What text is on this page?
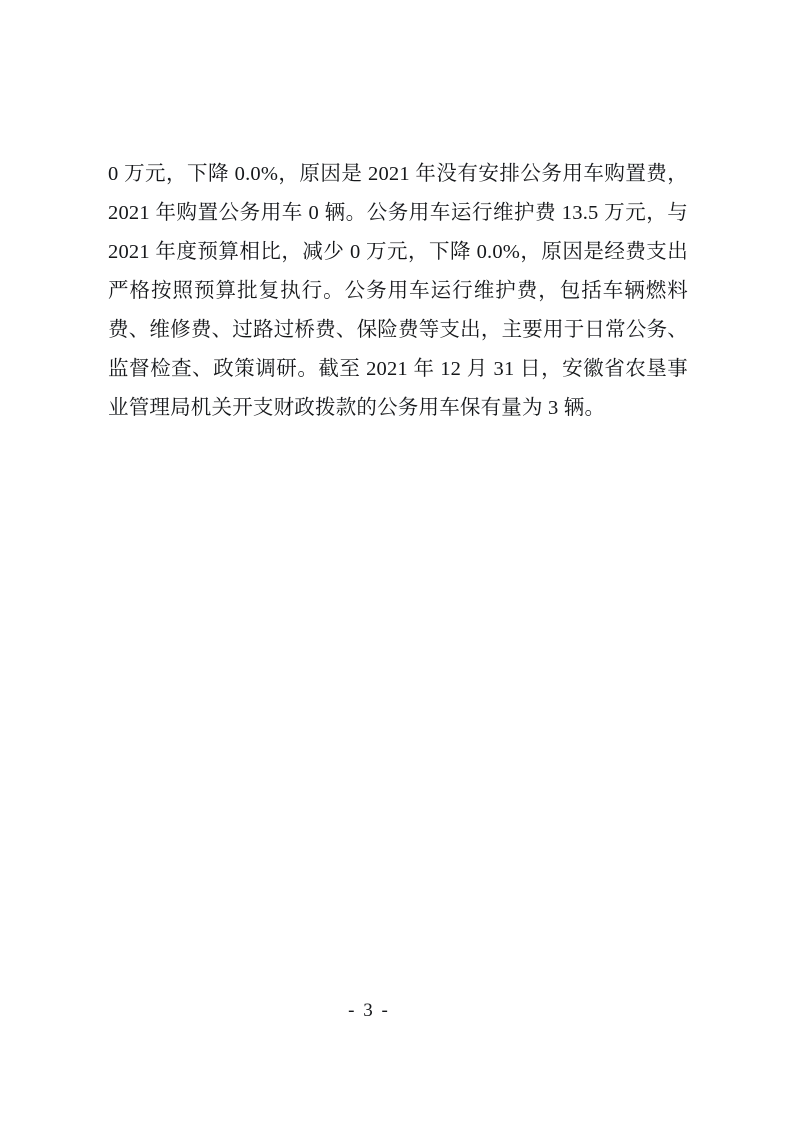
0 万元，下降 0.0%，原因是 2021 年没有安排公务用车购置费，2021 年购置公务用车 0 辆。公务用车运行维护费 13.5 万元，与 2021 年度预算相比，减少 0 万元，下降 0.0%，原因是经费支出严格按照预算批复执行。公务用车运行维护费，包括车辆燃料费、维修费、过路过桥费、保险费等支出，主要用于日常公务、监督检查、政策调研。截至 2021 年 12 月 31 日，安徽省农垦事业管理局机关开支财政拨款的公务用车保有量为 3 辆。

- 3 -
